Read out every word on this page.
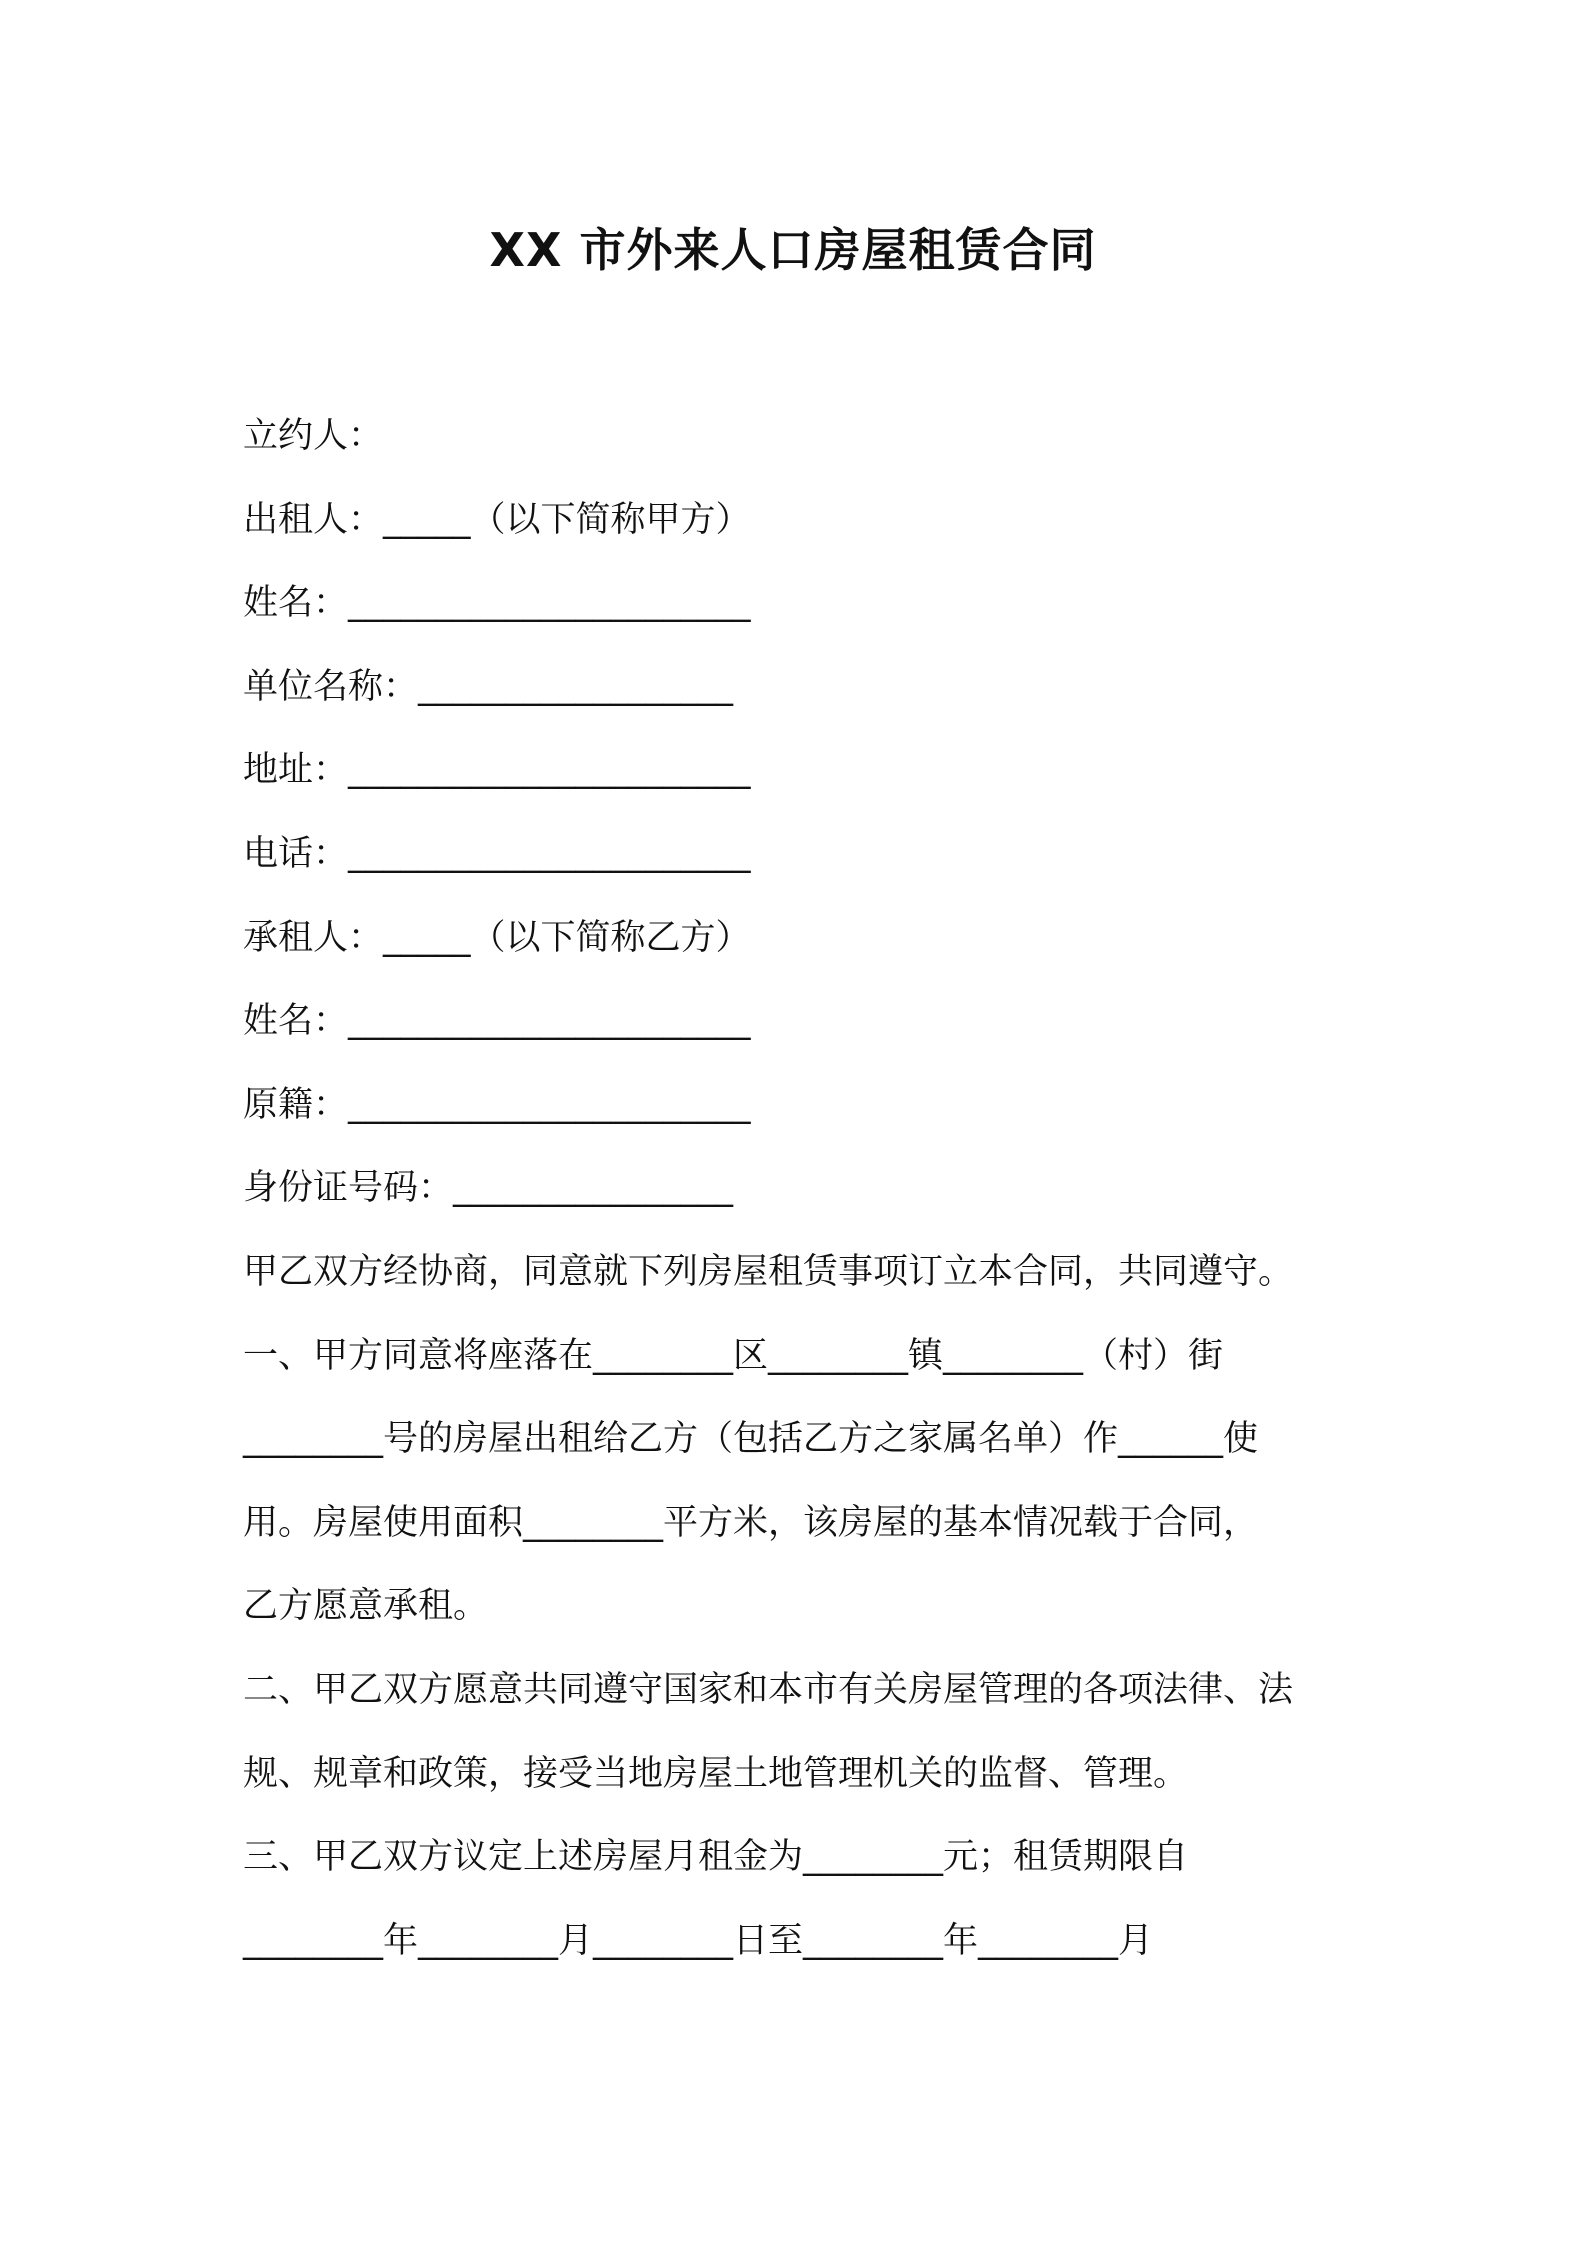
XX 市外来人口房屋租赁合同

立约人：

出租人：_____（以下简称甲方）

姓名：_______________________

单位名称：__________________

地址：_______________________

电话：_______________________

承租人：_____（以下简称乙方）

姓名：_______________________

原籍：_______________________

身份证号码：________________

甲乙双方经协商，同意就下列房屋租赁事项订立本合同，共同遵守。

一、甲方同意将座落在________区________镇________（村）街

________号的房屋出租给乙方（包括乙方之家属名单）作______使

用。房屋使用面积________平方米，该房屋的基本情况载于合同，

乙方愿意承租。

二、甲乙双方愿意共同遵守国家和本市有关房屋管理的各项法律、法

规、规章和政策，接受当地房屋土地管理机关的监督、管理。

三、甲乙双方议定上述房屋月租金为________元；租赁期限自

________年________月________日至________年________月
